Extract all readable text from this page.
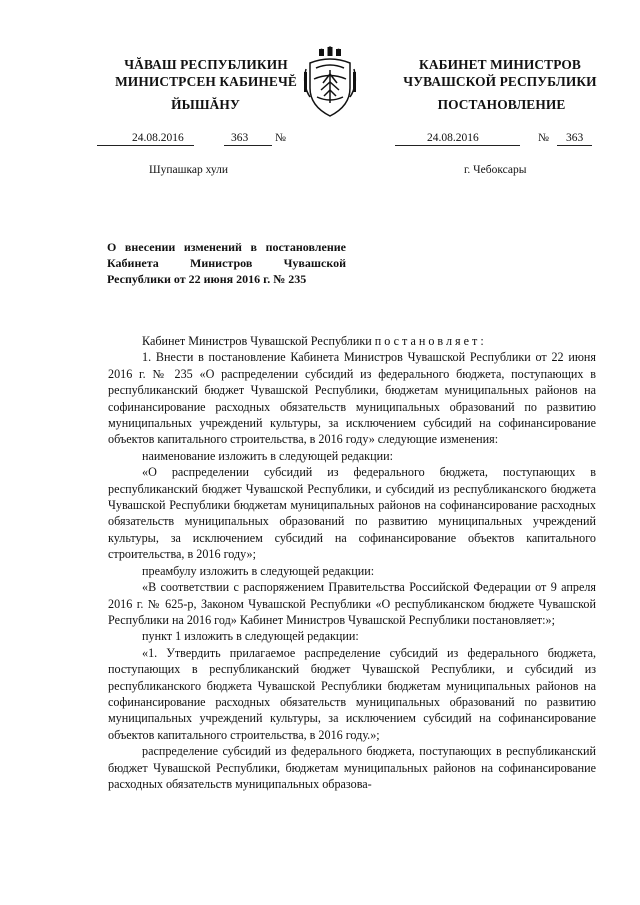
ЧĂВАШ РЕСПУБЛИКИН
МИНИСТРСЕН КАБИНЕЧĔ
ЙЫШĂНУ
КАБИНЕТ МИНИСТРОВ
ЧУВАШСКОЙ РЕСПУБЛИКИ
ПОСТАНОВЛЕНИЕ
24.08.2016	363 №	24.08.2016	№ 363
Шупашкар хули	г. Чебоксары
О внесении изменений в постановление Кабинета Министров Чувашской Республики от 22 июня 2016 г. № 235

Кабинет Министров Чувашской Республики постановляет:

1. Внести в постановление Кабинета Министров Чувашской Республики от 22 июня 2016 г. № 235 «О распределении субсидий из федерального бюджета, поступающих в республиканский бюджет Чувашской Республики, бюджетам муниципальных районов на софинансирование расходных обязательств муниципальных образований по развитию муниципальных учреждений культуры, за исключением субсидий на софинансирование объектов капитального строительства, в 2016 году» следующие изменения:

наименование изложить в следующей редакции:

«О распределении субсидий из федерального бюджета, поступающих в республиканский бюджет Чувашской Республики, и субсидий из республиканского бюджета Чувашской Республики бюджетам муниципальных районов на софинансирование расходных обязательств муниципальных образований по развитию муниципальных учреждений культуры, за исключением субсидий на софинансирование объектов капитального строительства, в 2016 году»;

преамбулу изложить в следующей редакции:

«В соответствии с распоряжением Правительства Российской Федерации от 9 апреля 2016 г. № 625-р, Законом Чувашской Республики «О республиканском бюджете Чувашской Республики на 2016 год» Кабинет Министров Чувашской Республики постановляет:»;

пункт 1 изложить в следующей редакции:

«1. Утвердить прилагаемое распределение субсидий из федерального бюджета, поступающих в республиканский бюджет Чувашской Республики, и субсидий из республиканского бюджета Чувашской Республики бюджетам муниципальных районов на софинансирование расходных обязательств муниципальных образований по развитию муниципальных учреждений культуры, за исключением субсидий на софинансирование объектов капитального строительства, в 2016 году.»;

распределение субсидий из федерального бюджета, поступающих в республиканский бюджет Чувашской Республики, бюджетам муниципальных районов на софинансирование расходных обязательств муниципальных образова-
